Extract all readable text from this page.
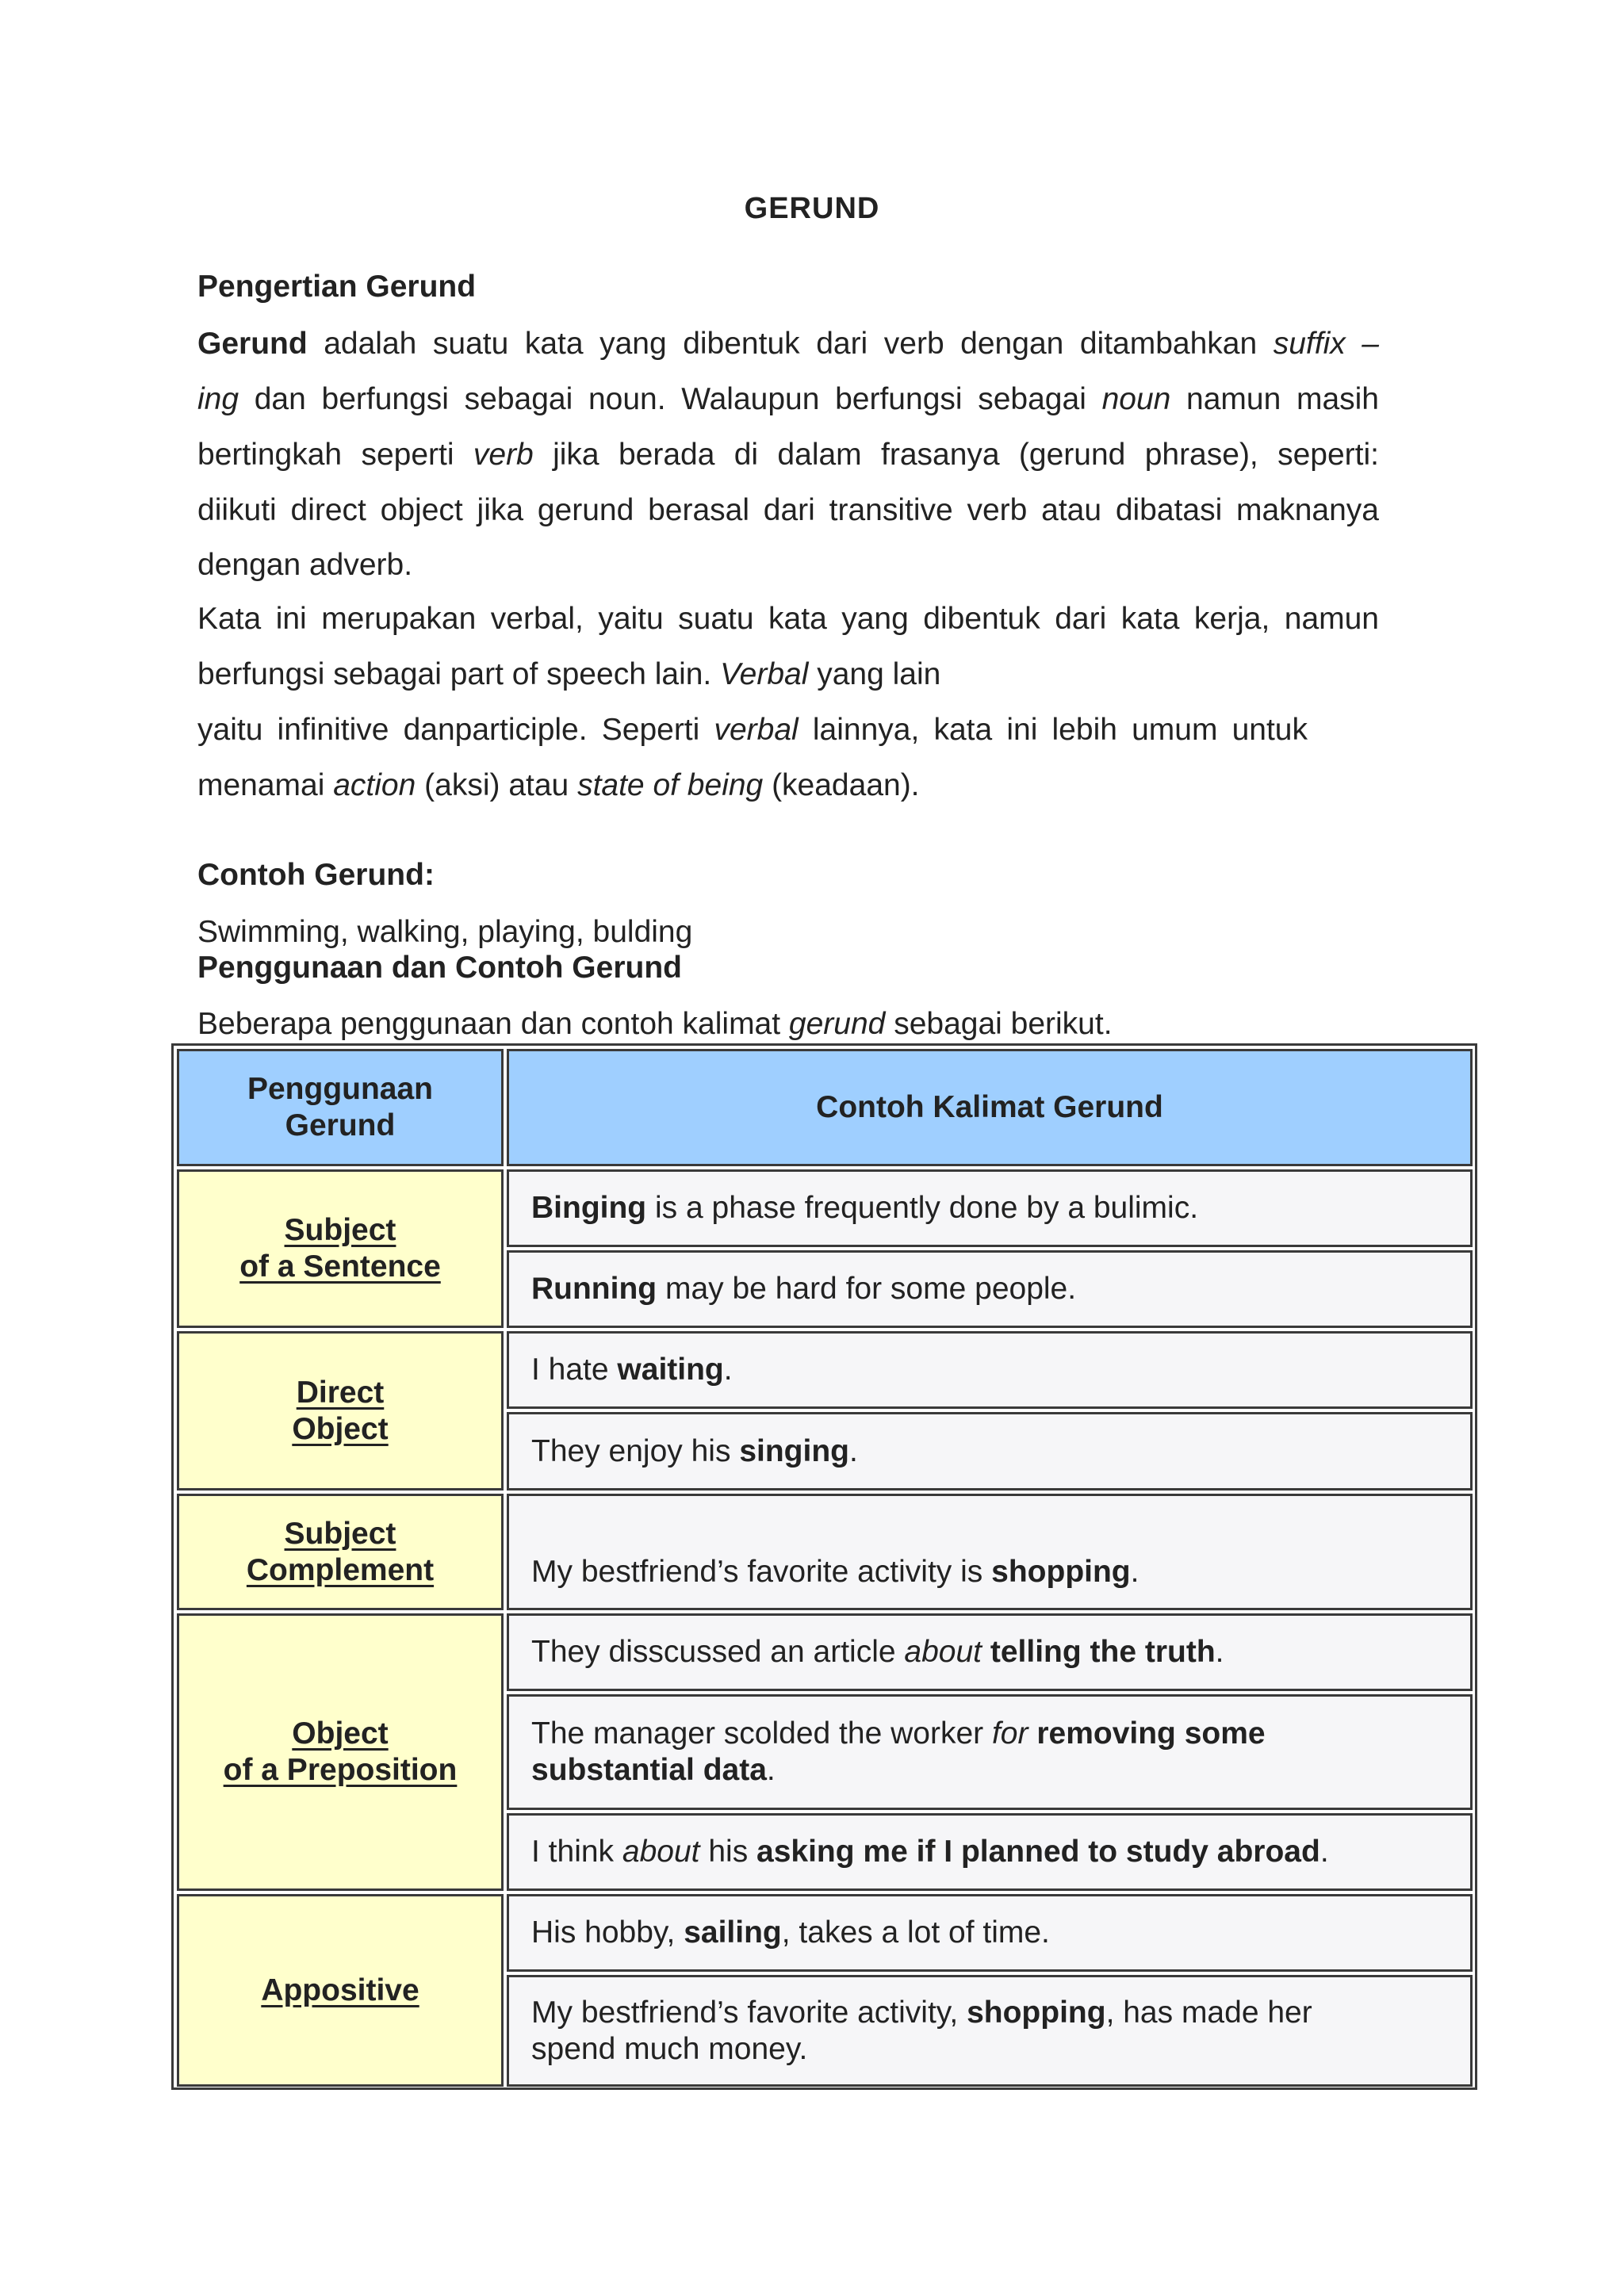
GERUND
Pengertian Gerund
Gerund adalah suatu kata yang dibentuk dari verb dengan ditambahkan suffix –
ing dan berfungsi sebagai noun. Walaupun berfungsi sebagai noun namun masih
bertingkah seperti verb jika berada di dalam frasanya (gerund phrase), seperti:
diikuti direct object jika gerund berasal dari transitive verb atau dibatasi maknanya
dengan adverb.
Kata ini merupakan verbal, yaitu suatu kata yang dibentuk dari kata kerja, namun
berfungsi sebagai part of speech lain. Verbal yang lain
yaitu infinitive danparticiple. Seperti verbal lainnya, kata ini lebih umum untuk
menamai action (aksi) atau state of being (keadaan).
Contoh Gerund:
Swimming, walking, playing, bulding
Penggunaan dan Contoh Gerund
Beberapa penggunaan dan contoh kalimat gerund sebagai berikut.
Penggunaan
Gerund
Contoh Kalimat Gerund
Subject
of a Sentence
Direct
Object
Subject
Complement
Object
of a Preposition
Appositive
Binging is a phase frequently done by a bulimic.
Running may be hard for some people.
I hate waiting.
They enjoy his singing.
My bestfriend’s favorite activity is shopping.
They disscussed an article about telling the truth.
The manager scolded the worker for removing some substantial data.
I think about his asking me if I planned to study abroad.
His hobby, sailing, takes a lot of time.
My bestfriend’s favorite activity, shopping, has made her spend much money.
